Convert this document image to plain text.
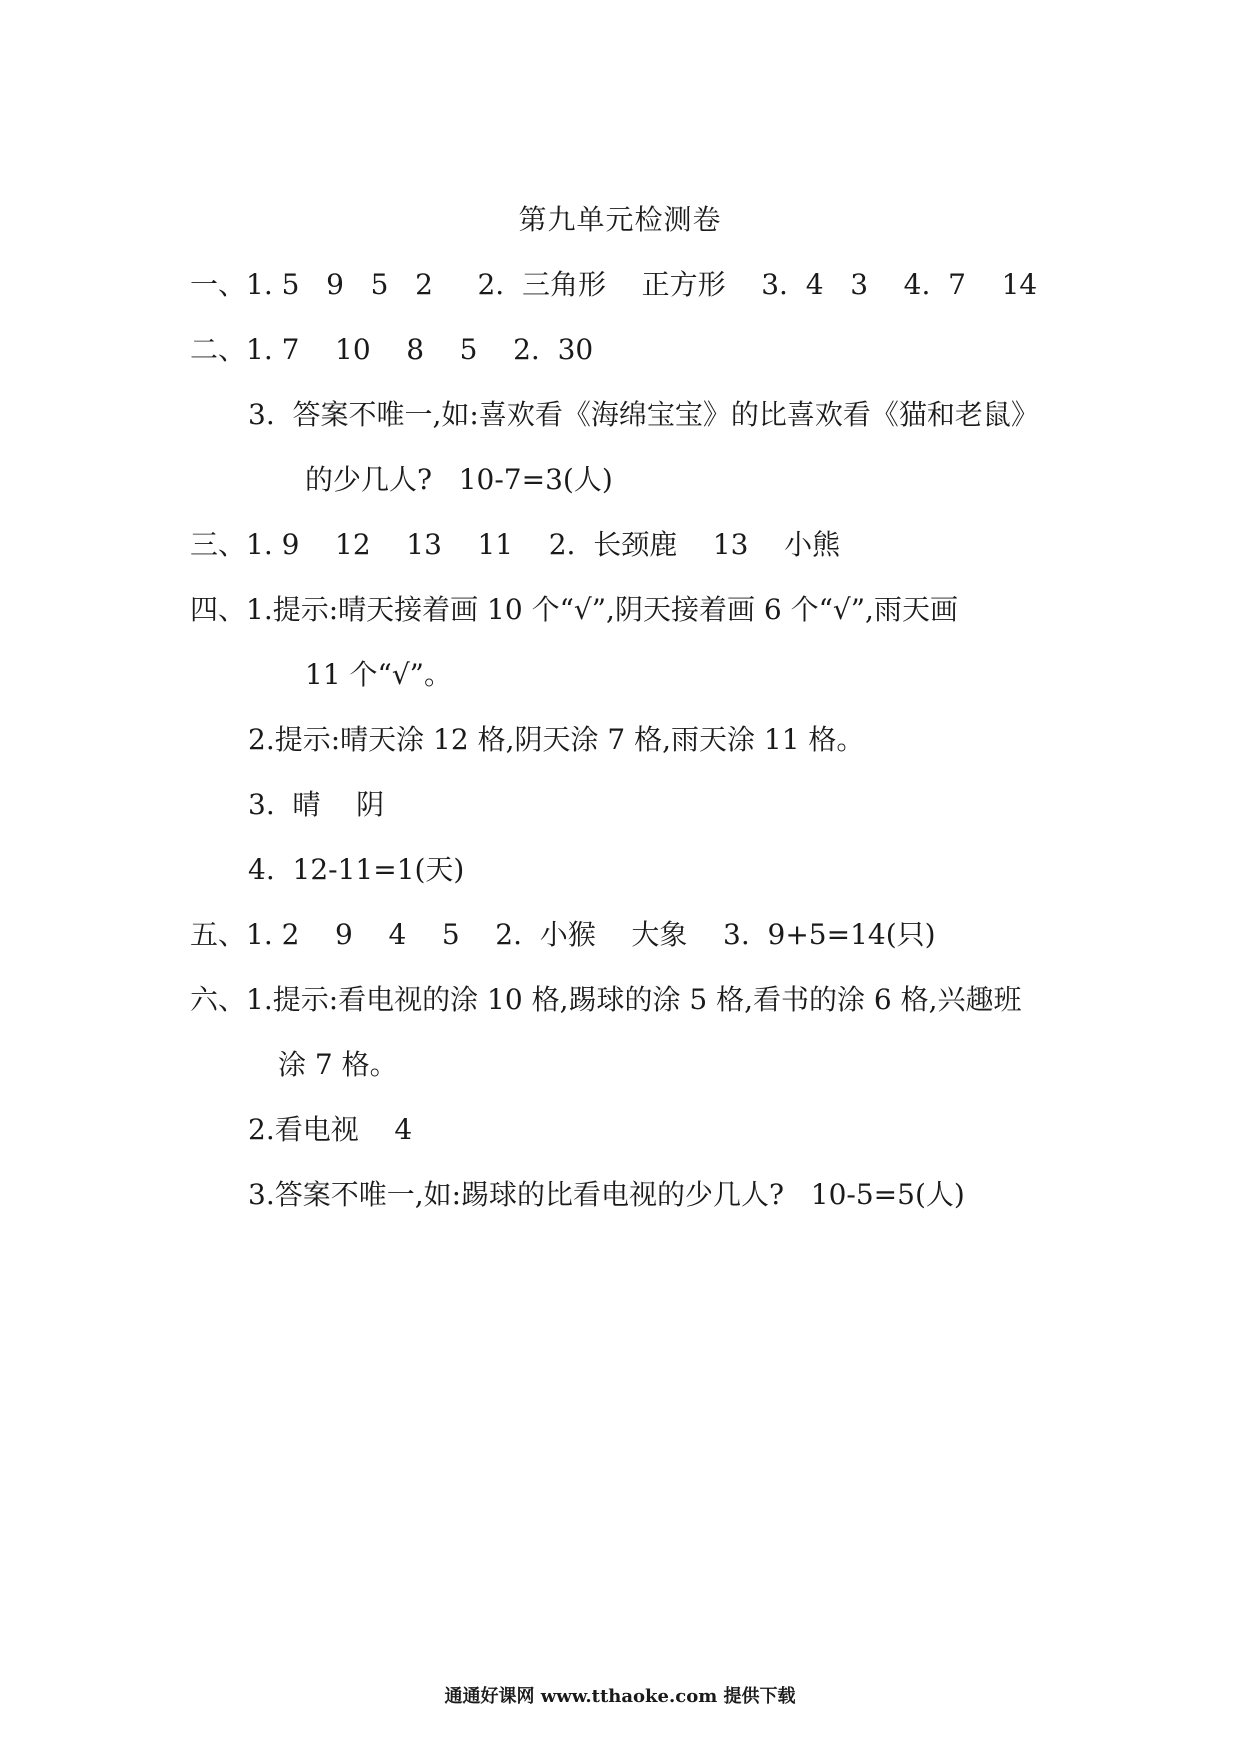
第九单元检测卷
一、1. 5   9   5   2     2.  三角形    正方形    3.  4   3    4.  7    14
二、1. 7    10    8    5    2.  30
3.  答案不唯一,如:喜欢看《海绵宝宝》的比喜欢看《猫和老鼠》
的少几人?   10-7=3(人)
三、1. 9    12    13    11    2.  长颈鹿    13    小熊
四、1.提示:晴天接着画 10 个“√”,阴天接着画 6 个“√”,雨天画
11 个“√”。
2.提示:晴天涂 12 格,阴天涂 7 格,雨天涂 11 格。
3.  晴    阴
4.  12-11=1(天)
五、1. 2    9    4    5    2.  小猴    大象    3.  9+5=14(只)
六、1.提示:看电视的涂 10 格,踢球的涂 5 格,看书的涂 6 格,兴趣班
涂 7 格。
2.看电视    4
3.答案不唯一,如:踢球的比看电视的少几人?   10-5=5(人)
通通好课网 www.tthaoke.com 提供下载
